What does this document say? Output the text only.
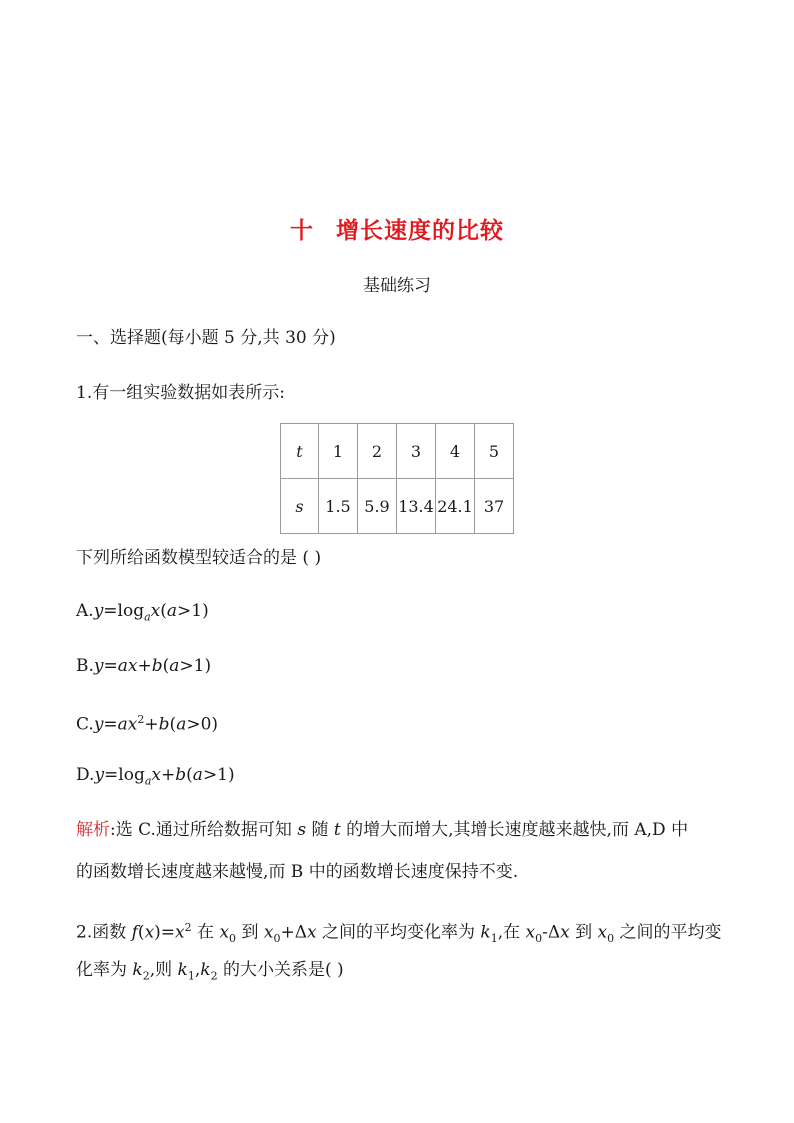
十 增长速度的比较
基础练习
一、选择题(每小题 5 分,共 30 分)
1.有一组实验数据如表所示:
t	1	2	3	4	5
s	1.5	5.9	13.4	24.1	37
下列所给函数模型较适合的是 ( )
$A.y=\log_ax(a>1)$
B.y=ax+b(a>1)
$C.y=ax^2+b(a>0)$
$D.y=\log_ax+b(a>1)$
解析:选 C.通过所给数据可知 s 随 t 的增大而增大,其增长速度越来越快,而 A,D 中
的函数增长速度越来越慢,而 B 中的函数增长速度保持不变.
2.函数 $f(x)=x^2$ 在 $x_0$ 到 $x_0+\Delta x$ 之间的平均变化率为 $k_1$,在 $x_0-\Delta x$ 到 $x_0$ 之间的平均变
化率为 $k_2$,则 $k_1,k_2$ 的大小关系是( )
